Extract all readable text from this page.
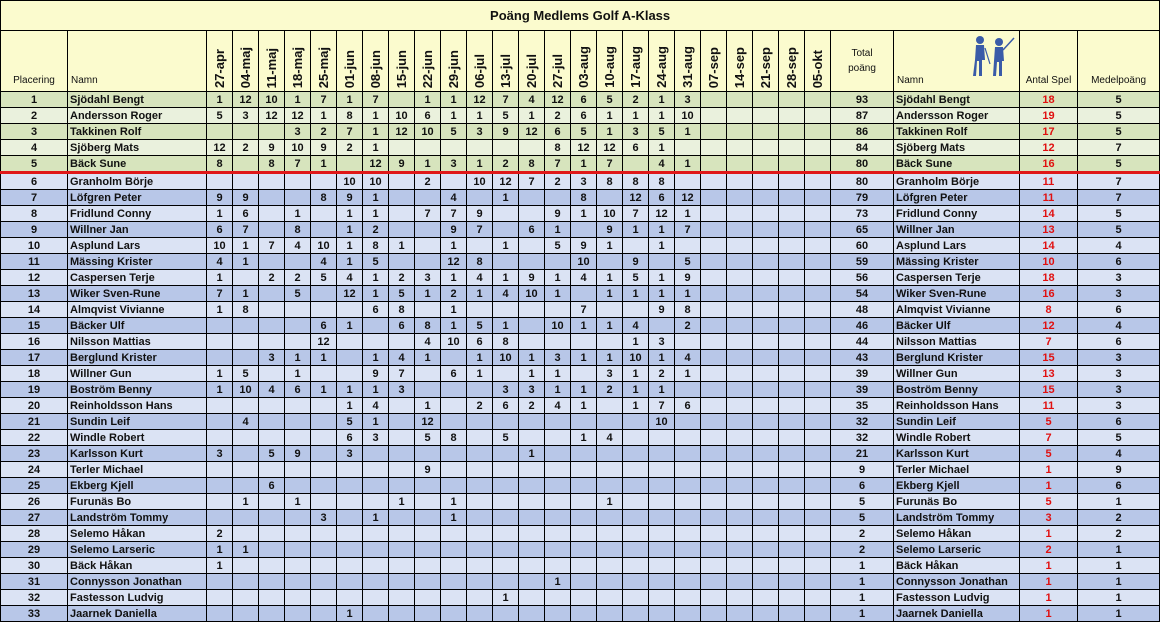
Poäng Medlems Golf A-Klass																													
Placering	Namn	27-apr	04-maj	11-maj	18-maj	25-maj	01-jun	08-jun	15-jun	22-jun	29-jun	06-jul	13-jul	20-jul	27-jul	03-aug	10-aug	17-aug	24-aug	31-aug	07-sep	14-sep	21-sep	28-sep	05-okt	Total
poäng	Namn	Antal Spel	Medelpoäng
1	Sjödahl Bengt	1	12	10	1	7	1	7		1	1	12	7	4	12	6	5	2	1	3						93	Sjödahl Bengt	18	5
2	Andersson Roger	5	3	12	12	1	8	1	10	6	1	1	5	1	2	6	1	1	1	10						87	Andersson Roger	19	5
3	Takkinen Rolf				3	2	7	1	12	10	5	3	9	12	6	5	1	3	5	1						86	Takkinen Rolf	17	5
4	Sjöberg Mats	12	2	9	10	9	2	1							8	12	12	6	1							84	Sjöberg Mats	12	7
5	Bäck Sune	8		8	7	1		12	9	1	3	1	2	8	7	1	7		4	1						80	Bäck Sune	16	5
6	Granholm Börje						10	10		2		10	12	7	2	3	8	8	8							80	Granholm Börje	11	7
7	Löfgren Peter	9	9			8	9	1			4		1			8		12	6	12						79	Löfgren Peter	11	7
8	Fridlund Conny	1	6		1		1	1		7	7	9			9	1	10	7	12	1						73	Fridlund Conny	14	5
9	Willner Jan	6	7		8		1	2			9	7		6	1		9	1	1	7						65	Willner Jan	13	5
10	Asplund Lars	10	1	7	4	10	1	8	1		1		1		5	9	1		1							60	Asplund Lars	14	4
11	Mässing Krister	4	1			4	1	5			12	8				10		9		5						59	Mässing Krister	10	6
12	Caspersen Terje	1		2	2	5	4	1	2	3	1	4	1	9	1	4	1	5	1	9						56	Caspersen Terje	18	3
13	Wiker Sven-Rune	7	1		5		12	1	5	1	2	1	4	10	1		1	1	1	1						54	Wiker Sven-Rune	16	3
14	Almqvist Vivianne	1	8					6	8		1					7			9	8						48	Almqvist Vivianne	8	6
15	Bäcker Ulf					6	1		6	8	1	5	1		10	1	1	4		2						46	Bäcker Ulf	12	4
16	Nilsson Mattias					12				4	10	6	8					1	3							44	Nilsson Mattias	7	6
17	Berglund Krister			3	1	1		1	4	1		1	10	1	3	1	1	10	1	4						43	Berglund Krister	15	3
18	Willner Gun	1	5		1			9	7		6	1		1	1		3	1	2	1						39	Willner Gun	13	3
19	Boström Benny	1	10	4	6	1	1	1	3				3	3	1	1	2	1	1							39	Boström Benny	15	3
20	Reinholdsson Hans						1	4		1		2	6	2	4	1		1	7	6						35	Reinholdsson Hans	11	3
21	Sundin Leif		4				5	1		12									10							32	Sundin Leif	5	6
22	Windle Robert						6	3		5	8		5			1	4									32	Windle Robert	7	5
23	Karlsson Kurt	3		5	9		3							1												21	Karlsson Kurt	5	4
24	Terler Michael									9																9	Terler Michael	1	9
25	Ekberg Kjell			6																						6	Ekberg Kjell	1	6
26	Furunäs Bo		1		1				1		1						1									5	Furunäs Bo	5	1
27	Landström Tommy					3		1			1															5	Landström Tommy	3	2
28	Selemo Håkan	2																								2	Selemo Håkan	1	2
29	Selemo Larseric	1	1																							2	Selemo Larseric	2	1
30	Bäck Håkan	1																								1	Bäck Håkan	1	1
31	Connysson Jonathan														1											1	Connysson Jonathan	1	1
32	Fastesson Ludvig												1													1	Fastesson Ludvig	1	1
33	Jaarnek Daniella						1																			1	Jaarnek Daniella	1	1
